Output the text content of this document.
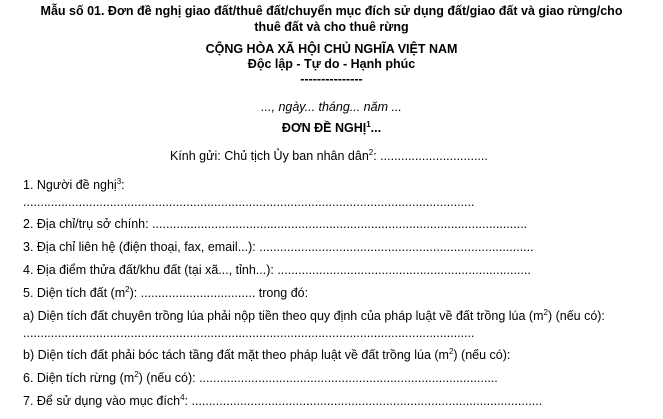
Mẫu số 01. Đơn đề nghị giao đất/thuê đất/chuyển mục đích sử dụng đất/giao đất và giao rừng/cho
thuê đất và cho thuê rừng
CỘNG HÒA XÃ HỘI CHỦ NGHĨA VIỆT NAM
Độc lập - Tự do - Hạnh phúc
---------------
..., ngày... tháng... năm ...
ĐƠN ĐỀ NGHỊ$^1$...
Kính gửi: Chủ tịch Ủy ban nhân dân$^2$: ...............................
1. Người đề nghị$^3$:
..................................................................................................................................
2. Địa chỉ/trụ sở chính: ............................................................................................................
3. Địa chỉ liên hệ (điện thoại, fax, email...): ...............................................................................
4. Địa điểm thửa đất/khu đất (tại xã..., tỉnh...): .........................................................................
5. Diện tích đất $(m^2)$: ................................. trong đó:
a) Diện tích đất chuyên trồng lúa phải nộp tiền theo quy định của pháp luật về đất trồng lúa $(m^2)$ (nếu có):
..................................................................................................................................
b) Diện tích đất phải bóc tách tầng đất mặt theo pháp luật về đất trồng lúa $(m^2)$ (nếu có):
6. Diện tích rừng $(m^2)$ (nếu có): ......................................................................................
7. Để sử dụng vào mục đích$^4$: .....................................................................................................
